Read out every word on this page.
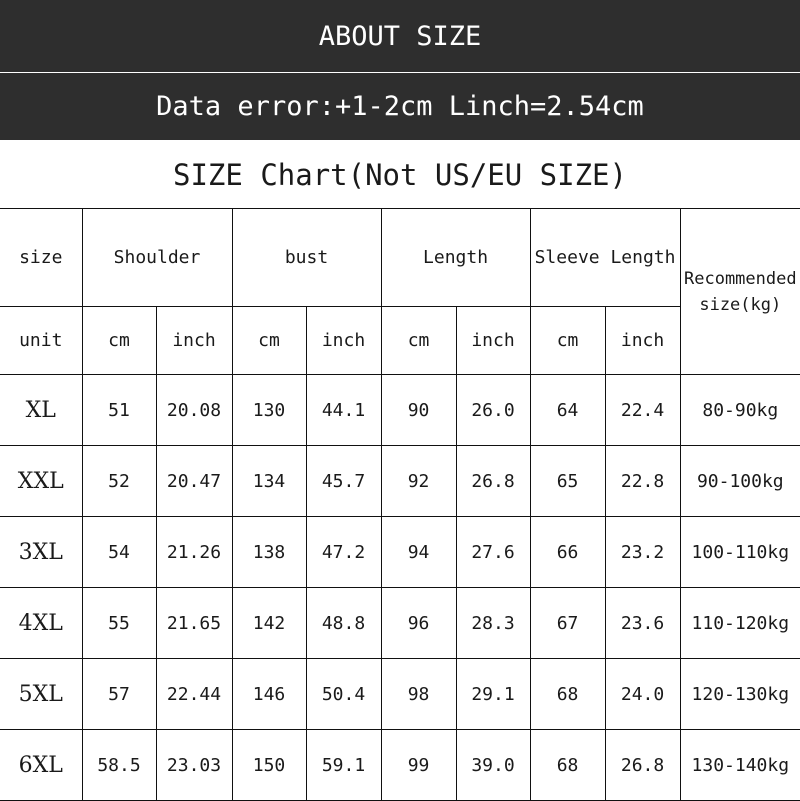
ABOUT SIZE
Data error:+1-2cm Linch=2.54cm
SIZE Chart(Not US/EU SIZE)
size	Shoulder		bust		Length		Sleeve Length		Recommended
size(kg)

unit	cm	inch	cm	inch	cm	inch	cm	inch	
XL	51	20.08	130	44.1	90	26.0	64	22.4	80-90kg
XXL	52	20.47	134	45.7	92	26.8	65	22.8	90-100kg
3XL	54	21.26	138	47.2	94	27.6	66	23.2	100-110kg
4XL	55	21.65	142	48.8	96	28.3	67	23.6	110-120kg
5XL	57	22.44	146	50.4	98	29.1	68	24.0	120-130kg
6XL	58.5	23.03	150	59.1	99	39.0	68	26.8	130-140kg
